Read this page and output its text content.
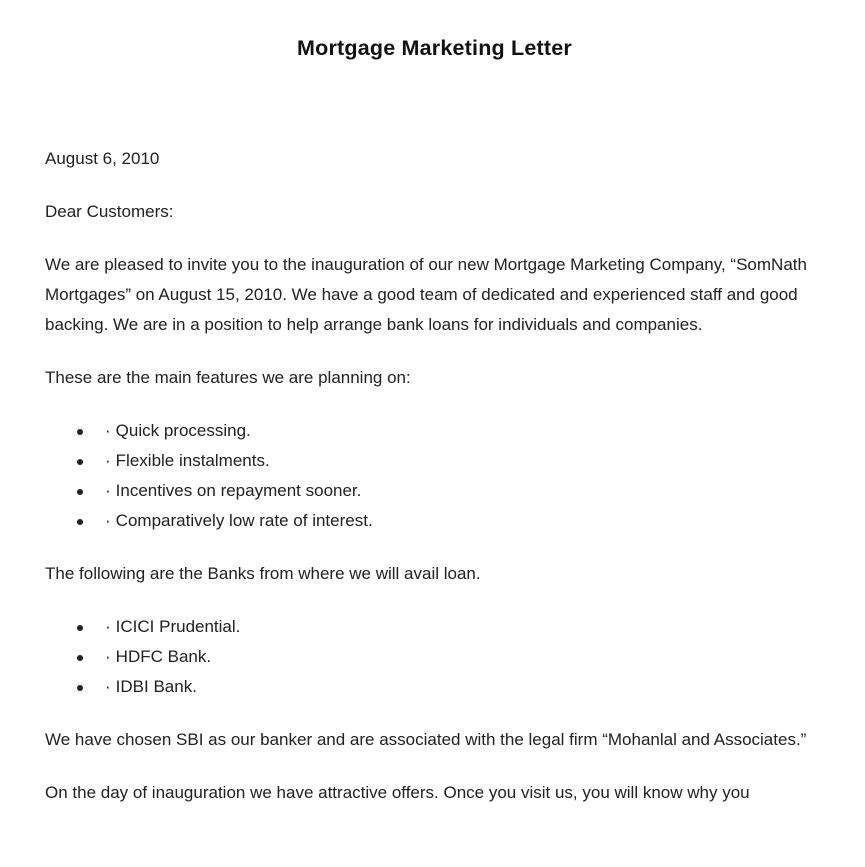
Mortgage Marketing Letter

August 6, 2010

Dear Customers:

We are pleased to invite you to the inauguration of our new Mortgage Marketing Company, “SomNath Mortgages” on August 15, 2010. We have a good team of dedicated and experienced staff and good backing. We are in a position to help arrange bank loans for individuals and companies.

These are the main features we are planning on:

· Quick processing.
· Flexible instalments.
· Incentives on repayment sooner.
· Comparatively low rate of interest.

The following are the Banks from where we will avail loan.

· ICICI Prudential.
· HDFC Bank.
· IDBI Bank.

We have chosen SBI as our banker and are associated with the legal firm “Mohanlal and Associates.”

On the day of inauguration we have attractive offers. Once you visit us, you will know why you
